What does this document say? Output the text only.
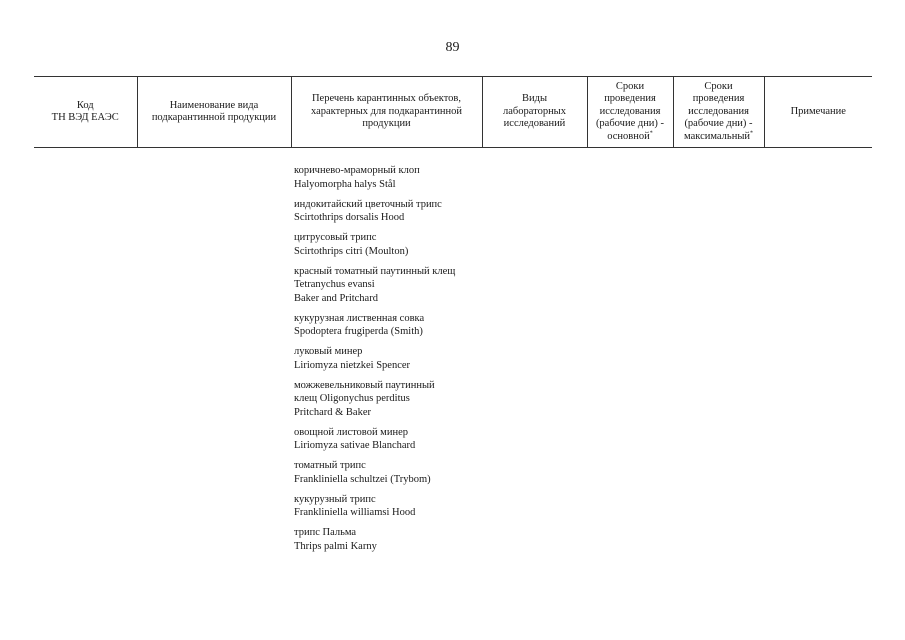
89
Код
ТН ВЭД ЕАЭС

Наименование вида
подкарантинной продукции

Перечень карантинных объектов,
характерных для подкарантинной
продукции

Виды
лабораторных
исследований

Сроки
проведения
исследования
(рабочие дни) -
основной*

Сроки
проведения
исследования
(рабочие дни) -
максимальный*

Примечание
коричнево-мраморный клоп
Halyomorpha halys Stål
индокитайский цветочный трипс
Scirtothrips dorsalis Hood
цитрусовый трипс
Scirtothrips citri (Moulton)
красный томатный паутинный клещ
Tetranychus evansi
Baker and Pritchard
кукурузная лиственная совка
Spodoptera frugiperda (Smith)
луковый минер
Liriomyza nietzkei Spencer
можжевельниковый паутинный
клещ Oligonychus perditus
Pritchard & Baker
овощной листовой минер
Liriomyza sativae Blanchard
томатный трипс
Frankliniella schultzei (Trybom)
кукурузный трипс
Frankliniella williamsi Hood
трипс Пальма
Thrips palmi Karny
